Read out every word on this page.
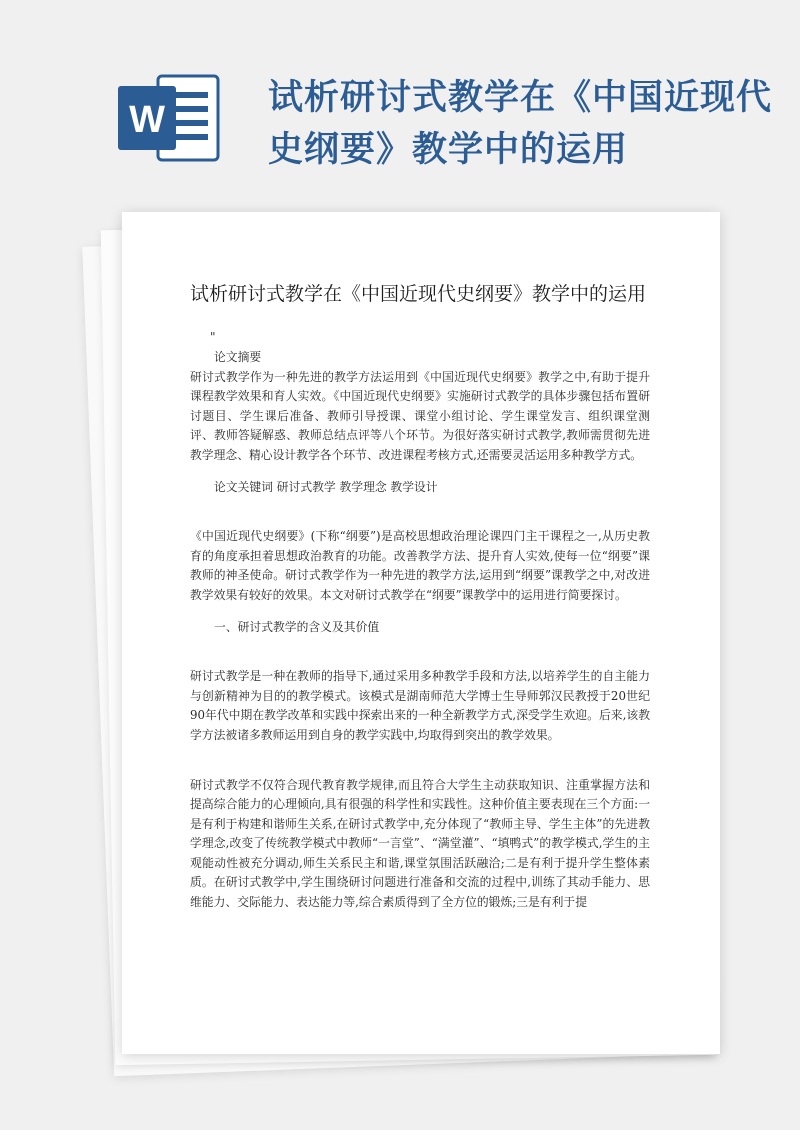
W
试析研讨式教学在《中国近现代史纲要》教学中的运用
试析研讨式教学在《中国近现代史纲要》教学中的运用

"

论文摘要

研讨式教学作为一种先进的教学方法运用到《中国近现代史纲要》教学之中,有助于提升课程教学效果和育人实效。《中国近现代史纲要》实施研讨式教学的具体步骤包括布置研讨题目、学生课后准备、教师引导授课、课堂小组讨论、学生课堂发言、组织课堂测评、教师答疑解惑、教师总结点评等八个环节。为很好落实研讨式教学,教师需贯彻先进教学理念、精心设计教学各个环节、改进课程考核方式,还需要灵活运用多种教学方式。

论文关键词 研讨式教学 教学理念 教学设计

《中国近现代史纲要》(下称“纲要”)是高校思想政治理论课四门主干课程之一,从历史教育的角度承担着思想政治教育的功能。改善教学方法、提升育人实效,使每一位“纲要”课教师的神圣使命。研讨式教学作为一种先进的教学方法,运用到“纲要”课教学之中,对改进教学效果有较好的效果。本文对研讨式教学在“纲要”课教学中的运用进行简要探讨。

一、研讨式教学的含义及其价值

研讨式教学是一种在教师的指导下,通过采用多种教学手段和方法,以培养学生的自主能力与创新精神为目的的教学模式。该模式是湖南师范大学博士生导师郭汉民教授于20世纪90年代中期在教学改革和实践中探索出来的一种全新教学方式,深受学生欢迎。后来,该教学方法被诸多教师运用到自身的教学实践中,均取得到突出的教学效果。

研讨式教学不仅符合现代教育教学规律,而且符合大学生主动获取知识、注重掌握方法和提高综合能力的心理倾向,具有很强的科学性和实践性。这种价值主要表现在三个方面:一是有利于构建和谐师生关系,在研讨式教学中,充分体现了“教师主导、学生主体”的先进教学理念,改变了传统教学模式中教师“一言堂”、“满堂灌”、“填鸭式”的教学模式,学生的主观能动性被充分调动,师生关系民主和谐,课堂氛围活跃融洽;二是有利于提升学生整体素质。在研讨式教学中,学生围绕研讨问题进行准备和交流的过程中,训练了其动手能力、思维能力、交际能力、表达能力等,综合素质得到了全方位的锻炼;三是有利于提
